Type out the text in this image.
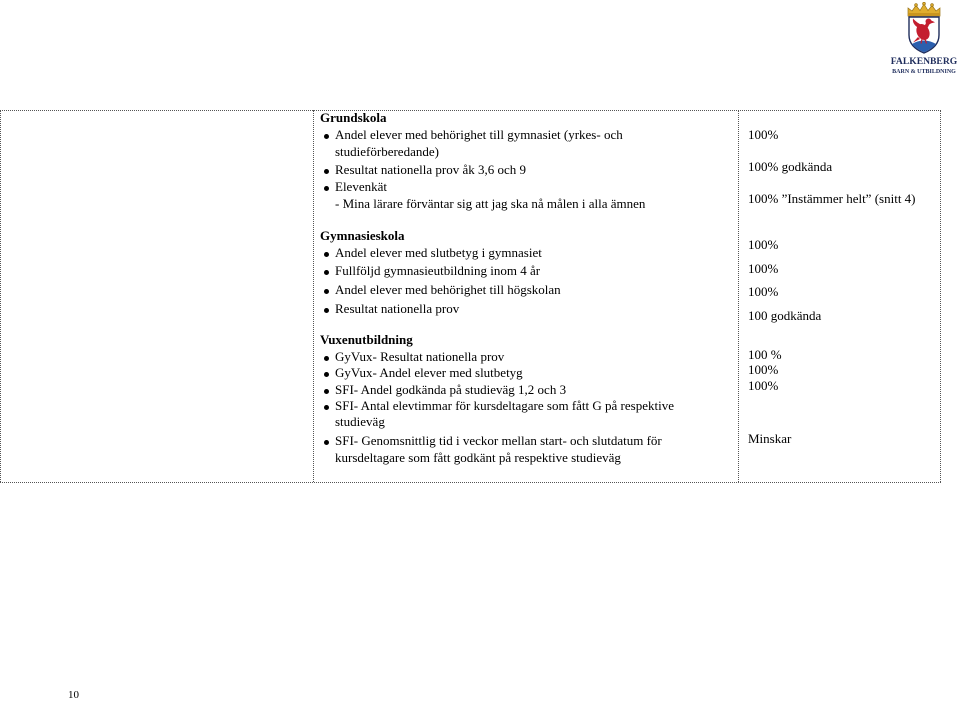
FALKENBERG
BARN & UTBILDNING
Grundskola
Andel elever med behörighet till gymnasiet (yrkes- och
studieförberedande)
Resultat nationella prov åk 3,6 och 9
Elevenkät
- Mina lärare förväntar sig att jag ska nå målen i alla ämnen
Gymnasieskola
Andel elever med slutbetyg i gymnasiet
Fullföljd gymnasieutbildning inom 4 år
Andel elever med behörighet till högskolan
Resultat nationella prov
Vuxenutbildning
GyVux- Resultat nationella prov
GyVux- Andel elever med slutbetyg
SFI- Andel godkända på studieväg 1,2 och 3
SFI- Antal elevtimmar för kursdeltagare som fått G på respektive
studieväg
SFI- Genomsnittlig tid i veckor mellan start- och slutdatum för
kursdeltagare som fått godkänt på respektive studieväg
100%
100% godkända
100% ”Instämmer helt” (snitt 4)
100%
100%
100%
100 godkända
100 %
100%
100%
Minskar
10
